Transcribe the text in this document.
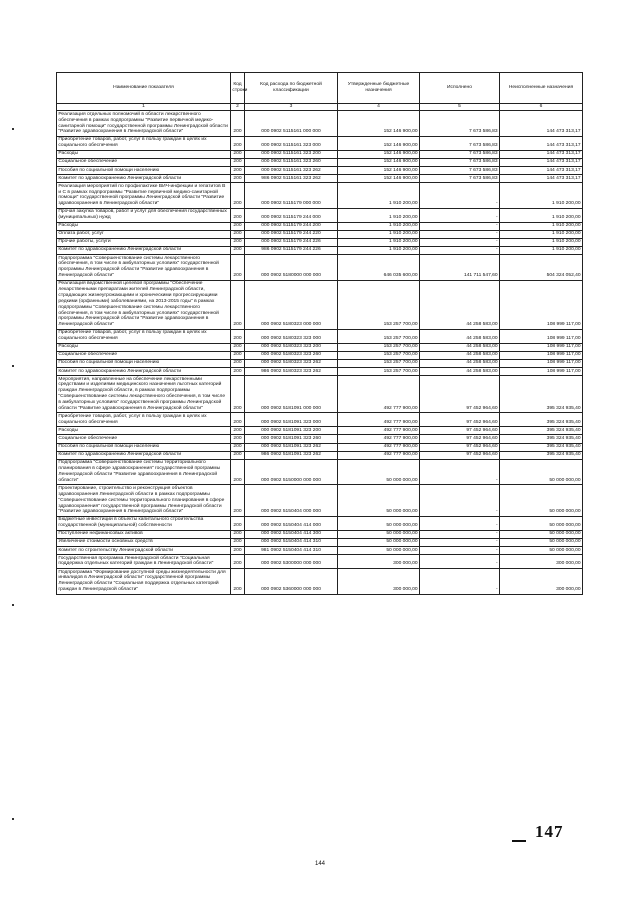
Наименование показателя	Код строки	Код расхода по бюджетной классификации	Утвержденные бюджетные назначения	Исполнено	Неисполненные назначения
1	2	3	4	5	6
Реализация отдельных полномочий в области лекарственного обеспечения в рамках подпрограммы "Развитие первичной медико-санитарной помощи" государственной программы Ленинградской области "Развитие здравоохранения в Ленинградской области"	200	000 0902 5115161 000 000	152 146 900,00	7 673 586,83	144 473 313,17
Приобретение товаров, работ, услуг в пользу граждан в целях их социального обеспечения	200	000 0902 5115161 323 000	152 146 900,00	7 673 586,83	144 473 313,17
Расходы	200	000 0902 5115161 323 200	152 146 900,00	7 673 586,83	144 473 313,17
Социальное обеспечение	200	000 0902 5115161 323 260	152 146 900,00	7 673 586,83	144 473 313,17
Пособия по социальной помощи населению	200	000 0902 5115161 323 262	152 146 900,00	7 673 586,83	144 473 313,17
Комитет по здравоохранению Ленинградской области	200	986 0902 5115161 323 262	152 146 900,00	7 673 586,83	144 473 313,17
Реализация мероприятий по профилактике ВИЧ-инфекции и гепатитов В и С в рамках подпрограммы "Развитие первичной медико-санитарной помощи" государственной программы Ленинградской области "Развитие здравоохранения в Ленинградской области"	200	000 0902 5115179 000 000	1 910 200,00	-	1 910 200,00
Прочая закупка товаров, работ и услуг для обеспечения государственных (муниципальных) нужд	200	000 0902 5115179 244 000	1 910 200,00	-	1 910 200,00
Расходы	200	000 0902 5115179 244 200	1 910 200,00	-	1 910 200,00
Оплата работ, услуг	200	000 0902 5115179 244 220	1 910 200,00	-	1 910 200,00
Прочие работы, услуги	200	000 0902 5115179 244 226	1 910 200,00	-	1 910 200,00
Комитет по здравоохранению Ленинградской области	200	986 0902 5115179 244 226	1 910 200,00	-	1 910 200,00
Подпрограмма "Совершенствование системы лекарственного обеспечения, в том числе в амбулаторных условиях" государственной программы Ленинградской области "Развитие здравоохранения в Ленинградской области"	200	000 0902 5180000 000 000	646 035 600,00	141 711 547,60	504 324 052,40
Реализация ведомственной целевой программы "Обеспечение лекарственными препаратами жителей Ленинградской области, страдающих жизнеугрожающими и хроническими прогрессирующими редкими (орфанными) заболеваниями, на 2013-2015 годы" в рамках подпрограммы "Совершенствование системы лекарственного обеспечения, в том числе в амбулаторных условиях" государственной программы Ленинградской области "Развитие здравоохранения в Ленинградской области"	200	000 0902 5180323 000 000	153 257 700,00	44 258 583,00	108 999 117,00
Приобретение товаров, работ, услуг в пользу граждан в целях их социального обеспечения	200	000 0902 5180323 323 000	153 257 700,00	44 258 583,00	108 999 117,00
Расходы	200	000 0902 5180323 323 200	153 257 700,00	44 258 583,00	108 999 117,00
Социальное обеспечение	200	000 0902 5180323 323 260	153 257 700,00	44 258 583,00	108 999 117,00
Пособия по социальной помощи населению	200	000 0902 5180323 323 262	153 257 700,00	44 258 583,00	108 999 117,00
Комитет по здравоохранению Ленинградской области	200	986 0902 5180323 323 262	153 257 700,00	44 258 583,00	108 999 117,00
Мероприятия, направленные на обеспечение лекарственными средствами и изделиями медицинского назначения льготных категорий граждан Ленинградской области, в рамках подпрограммы "Совершенствование системы лекарственного обеспечения, в том числе в амбулаторных условиях" государственной программы Ленинградской области "Развитие здравоохранения в Ленинградской области"	200	000 0902 5181091 000 000	492 777 900,00	97 452 964,60	395 324 935,40
Приобретение товаров, работ, услуг в пользу граждан в целях их социального обеспечения	200	000 0902 5181091 323 000	492 777 900,00	97 452 964,60	395 324 935,40
Расходы	200	000 0902 5181091 323 200	492 777 900,00	97 452 964,60	395 324 935,40
Социальное обеспечение	200	000 0902 5181091 323 260	492 777 900,00	97 452 964,60	395 324 935,40
Пособия по социальной помощи населению	200	000 0902 5181091 323 262	492 777 900,00	97 452 964,60	395 324 935,40
Комитет по здравоохранению Ленинградской области	200	986 0902 5181091 323 262	492 777 900,00	97 452 964,60	395 324 935,40
Подпрограмма "Совершенствование системы территориального планирования в сфере здравоохранения" государственной программы Ленинградской области "Развитие здравоохранения в Ленинградской области"	200	000 0902 5150000 000 000	50 000 000,00	-	50 000 000,00
Проектирование, строительство и реконструкция объектов здравоохранения Ленинградской области в рамках подпрограммы "Совершенствование системы территориального планирования в сфере здравоохранения" государственной программы Ленинградской области "Развитие здравоохранения в Ленинградской области"	200	000 0902 5150404 000 000	50 000 000,00	-	50 000 000,00
Бюджетные инвестиции в объекты капитального строительства государственной (муниципальной) собственности	200	000 0902 5150404 414 000	50 000 000,00	-	50 000 000,00
Поступление нефинансовых активов	200	000 0902 5150404 414 300	50 000 000,00	-	50 000 000,00
Увеличение стоимости основных средств	200	000 0902 5150404 414 310	50 000 000,00	-	50 000 000,00
Комитет по строительству Ленинградской области	200	981 0902 5150404 414 310	50 000 000,00	-	50 000 000,00
Государственная программа Ленинградской области "Социальная поддержка отдельных категорий граждан в Ленинградской области"	200	000 0902 5300000 000 000	300 000,00	-	300 000,00
Подпрограмма "Формирование доступной среды жизнедеятельности для инвалидов в Ленинградской области" государственной программы Ленинградской области "Социальная поддержка отдельных категорий граждан в Ленинградской области"	200	000 0902 5360000 000 000	300 000,00	-	300 000,00
147
144
